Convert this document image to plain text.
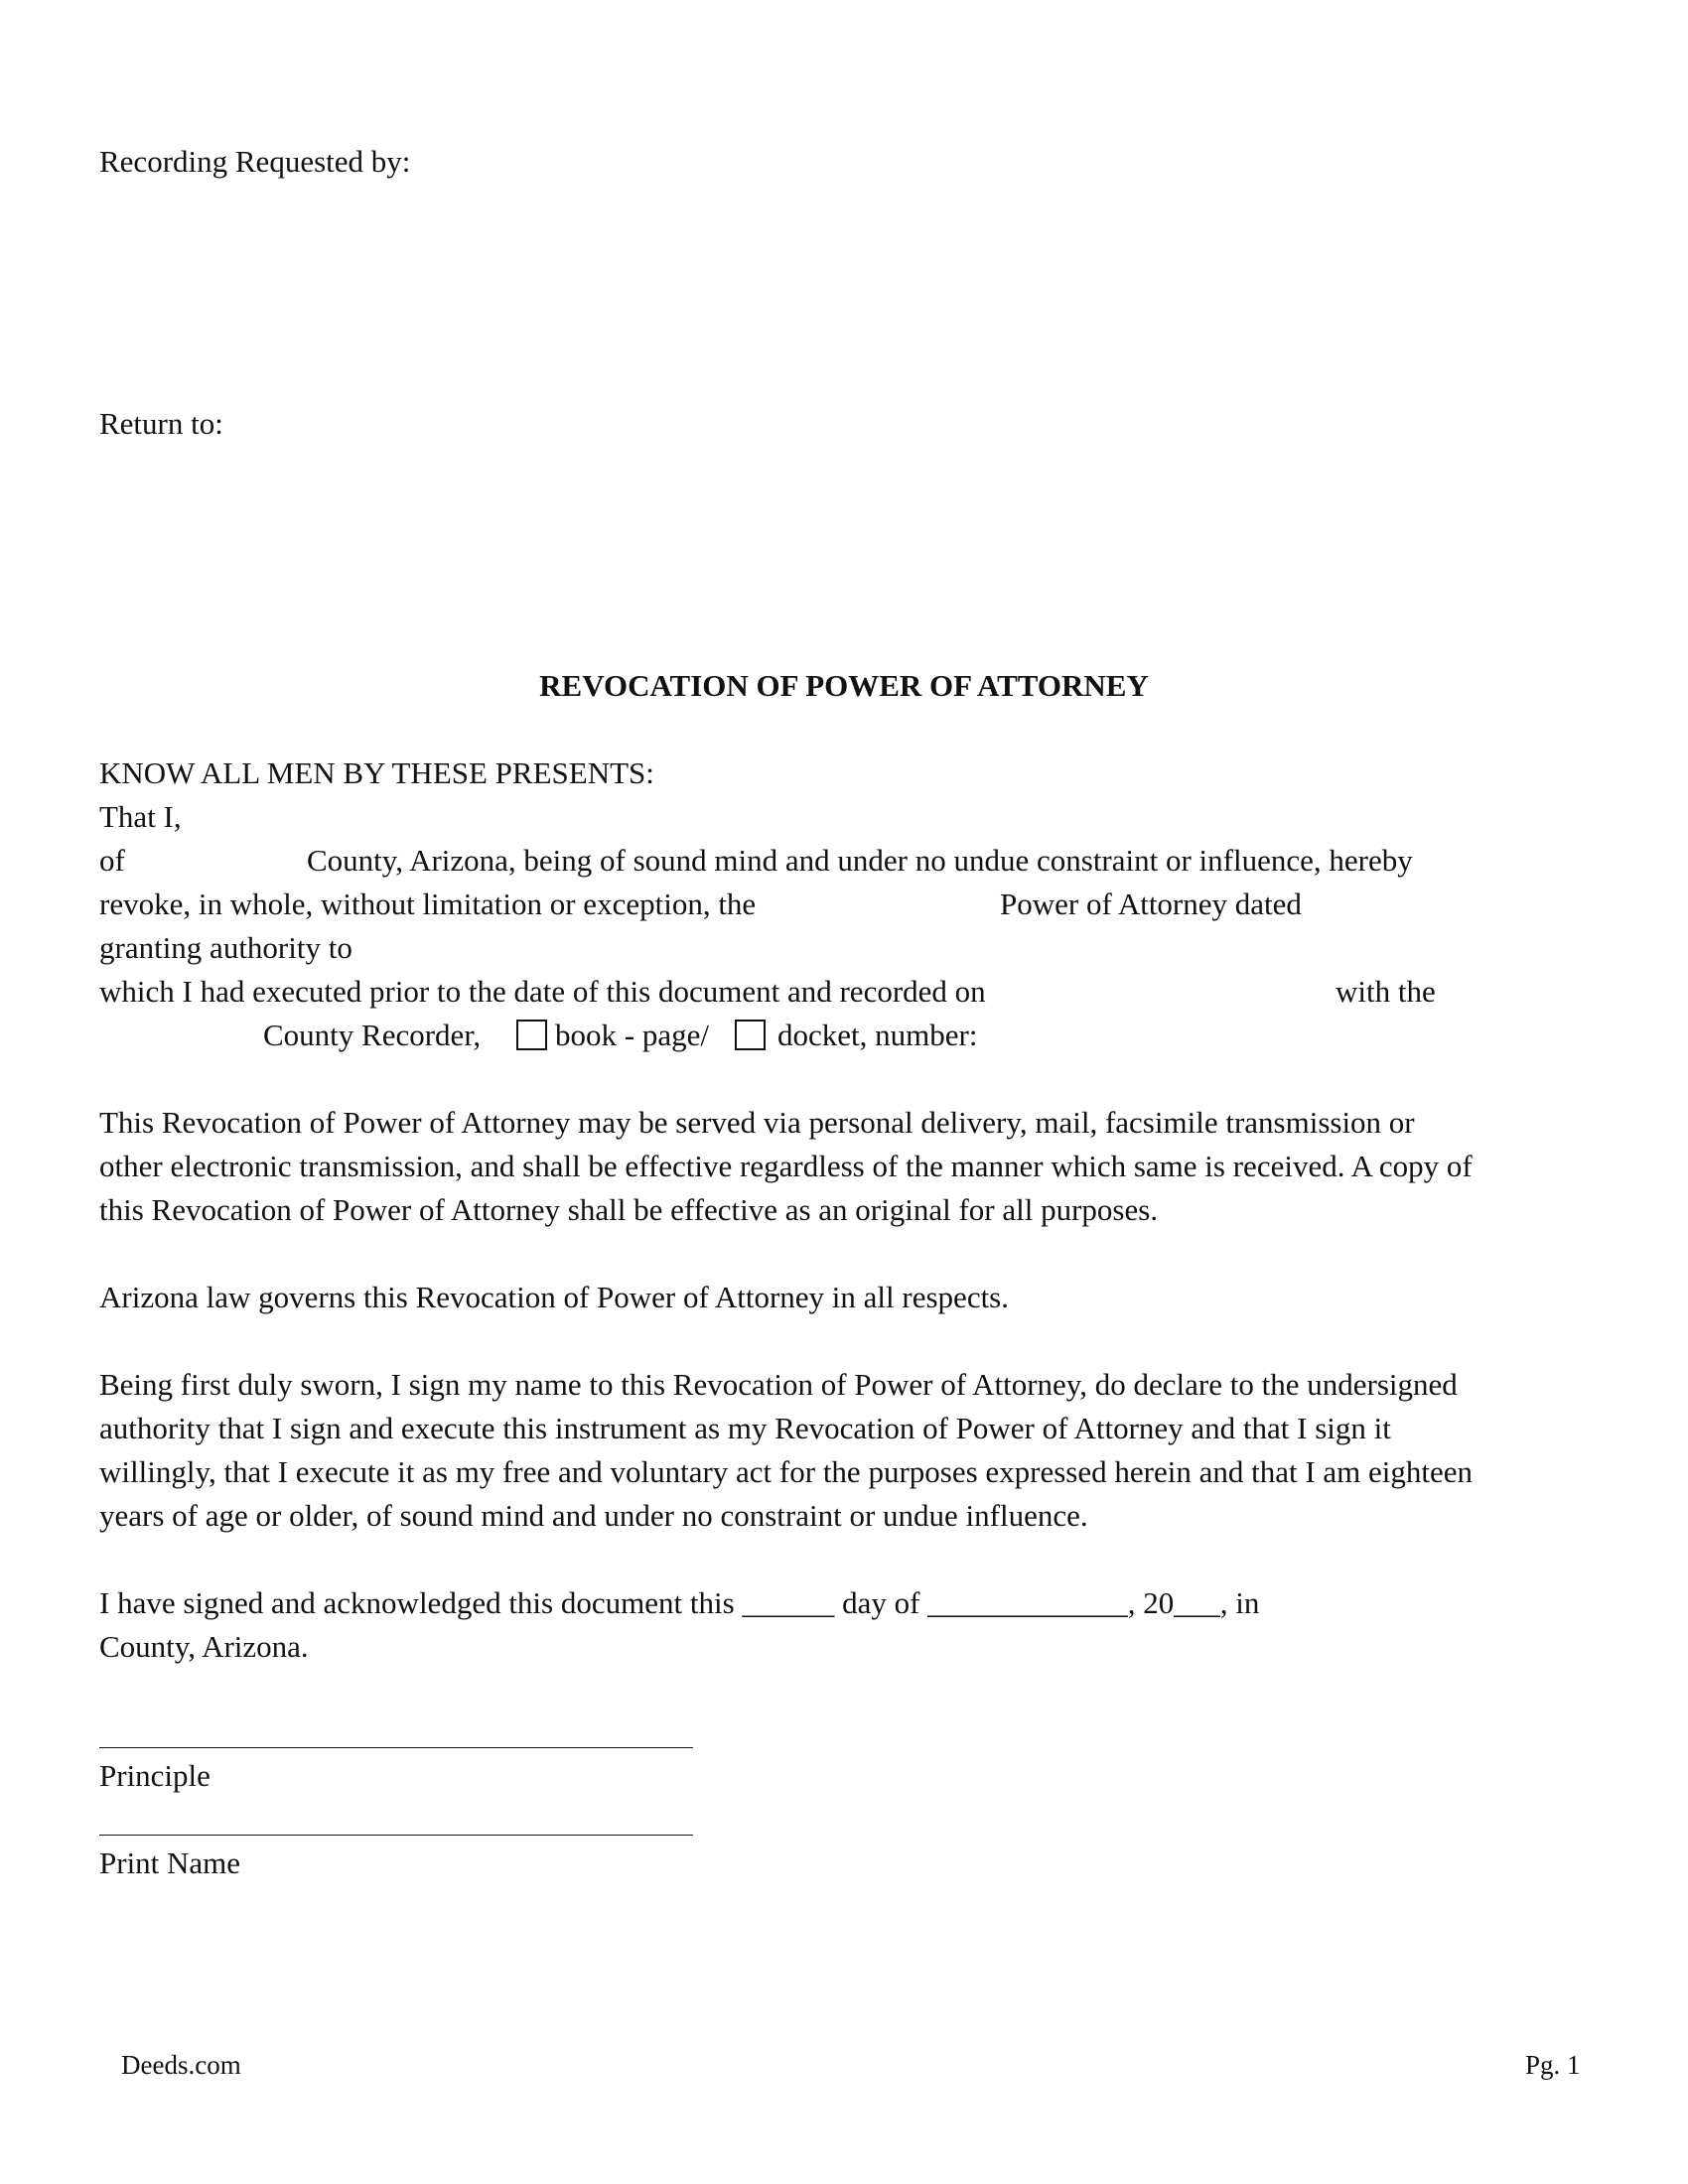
Recording Requested by:
Return to:
REVOCATION OF POWER OF ATTORNEY
KNOW ALL MEN BY THESE PRESENTS:
That I,
of	County, Arizona, being of sound mind and under no undue constraint or influence, hereby
revoke, in whole, without limitation or exception, the	Power of Attorney dated
granting authority to
which I had executed prior to the date of this document and recorded on	with the
County Recorder, book - page/ docket, number:
This Revocation of Power of Attorney may be served via personal delivery, mail, facsimile transmission or
other electronic transmission, and shall be effective regardless of the manner which same is received. A copy of
this Revocation of Power of Attorney shall be effective as an original for all purposes.
Arizona law governs this Revocation of Power of Attorney in all respects.
Being first duly sworn, I sign my name to this Revocation of Power of Attorney, do declare to the undersigned
authority that I sign and execute this instrument as my Revocation of Power of Attorney and that I sign it
willingly, that I execute it as my free and voluntary act for the purposes expressed herein and that I am eighteen
years of age or older, of sound mind and under no constraint or undue influence.
I have signed and acknowledged this document this ______ day of _____________, 20___, in
County, Arizona.
Principle
Print Name
Deeds.com	Pg. 1
